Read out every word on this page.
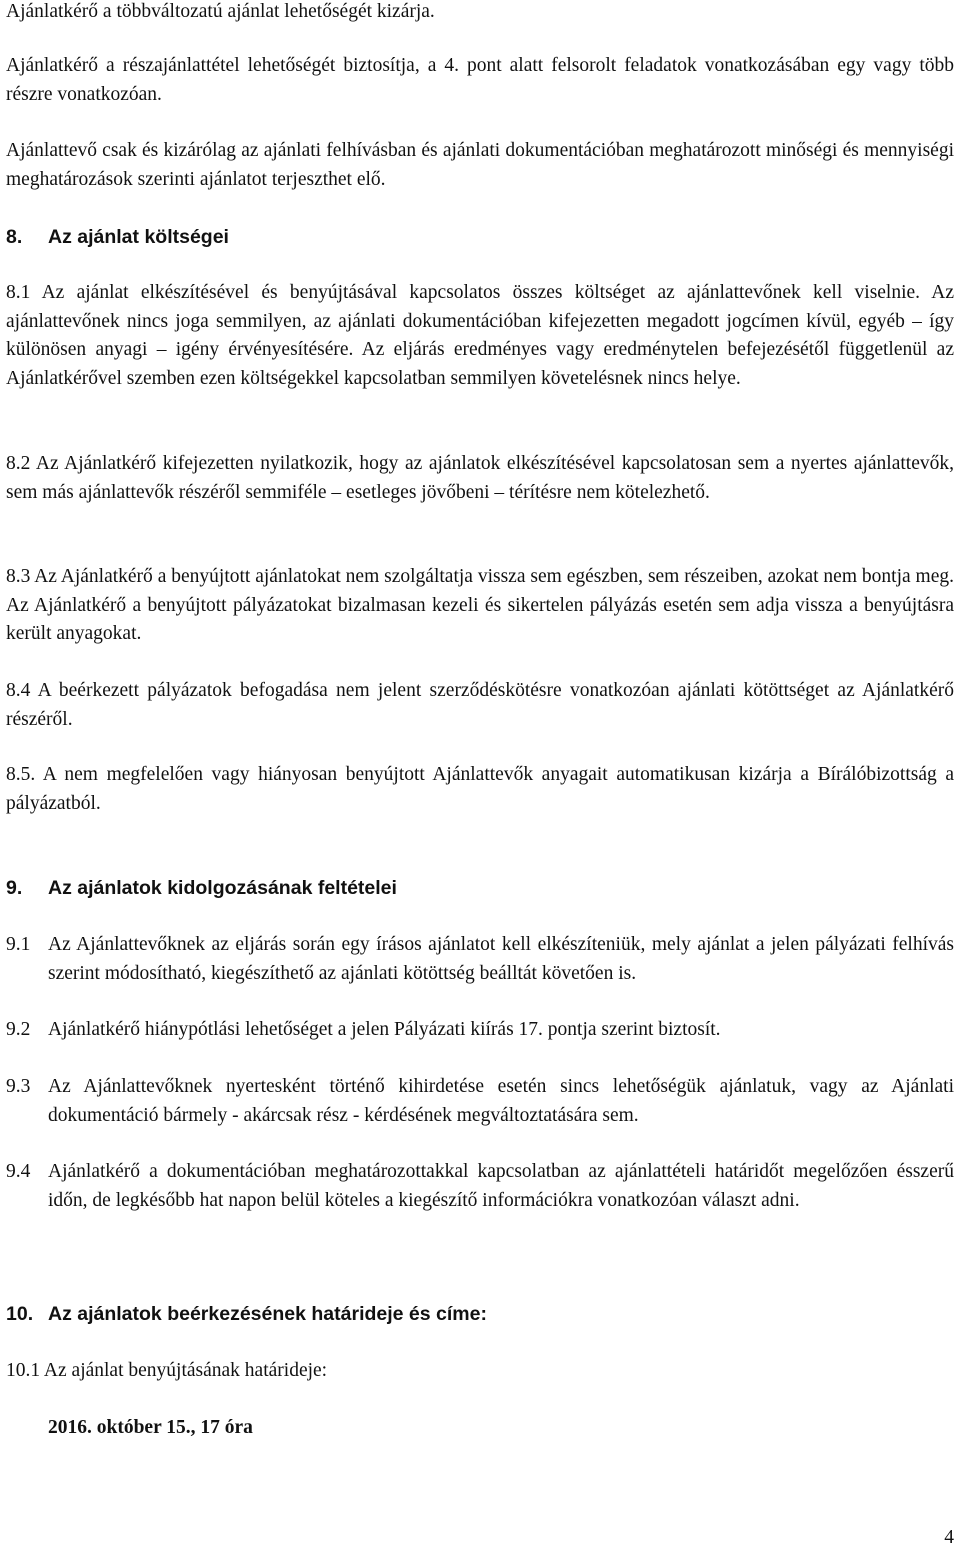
Ajánlatkérő a többváltozatú ajánlat lehetőségét kizárja.

Ajánlatkérő a részajánlattétel lehetőségét biztosítja, a 4. pont alatt felsorolt feladatok vonatkozásában egy vagy több részre vonatkozóan.

Ajánlattevő csak és kizárólag az ajánlati felhívásban és ajánlati dokumentációban meghatározott minőségi és mennyiségi meghatározások szerinti ajánlatot terjeszthet elő.

8. Az ajánlat költségei

8.1 Az ajánlat elkészítésével és benyújtásával kapcsolatos összes költséget az ajánlattevőnek kell viselnie. Az ajánlattevőnek nincs joga semmilyen, az ajánlati dokumentációban kifejezetten megadott jogcímen kívül, egyéb – így különösen anyagi – igény érvényesítésére. Az eljárás eredményes vagy eredménytelen befejezésétől függetlenül az Ajánlatkérővel szemben ezen költségekkel kapcsolatban semmilyen követelésnek nincs helye.

8.2 Az Ajánlatkérő kifejezetten nyilatkozik, hogy az ajánlatok elkészítésével kapcsolatosan sem a nyertes ajánlattevők, sem más ajánlattevők részéről semmiféle – esetleges jövőbeni – térítésre nem kötelezhető.

8.3 Az Ajánlatkérő a benyújtott ajánlatokat nem szolgáltatja vissza sem egészben, sem részeiben, azokat nem bontja meg. Az Ajánlatkérő a benyújtott pályázatokat bizalmasan kezeli és sikertelen pályázás esetén sem adja vissza a benyújtásra került anyagokat.

8.4 A beérkezett pályázatok befogadása nem jelent szerződéskötésre vonatkozóan ajánlati kötöttséget az Ajánlatkérő részéről.

8.5. A nem megfelelően vagy hiányosan benyújtott Ajánlattevők anyagait automatikusan kizárja a Bírálóbizottság a pályázatból.

9. Az ajánlatok kidolgozásának feltételei

9.1 Az Ajánlattevőknek az eljárás során egy írásos ajánlatot kell elkészíteniük, mely ajánlat a jelen pályázati felhívás szerint módosítható, kiegészíthető az ajánlati kötöttség beálltát követően is.

9.2 Ajánlatkérő hiánypótlási lehetőséget a jelen Pályázati kiírás 17. pontja szerint biztosít.

9.3 Az Ajánlattevőknek nyertesként történő kihirdetése esetén sincs lehetőségük ajánlatuk, vagy az Ajánlati dokumentáció bármely - akárcsak rész - kérdésének megváltoztatására sem.

9.4 Ajánlatkérő a dokumentációban meghatározottakkal kapcsolatban az ajánlattételi határidőt megelőzően ésszerű időn, de legkésőbb hat napon belül köteles a kiegészítő információkra vonatkozóan választ adni.

10. Az ajánlatok beérkezésének határideje és címe:

10.1 Az ajánlat benyújtásának határideje:

2016. október 15., 17 óra
4
